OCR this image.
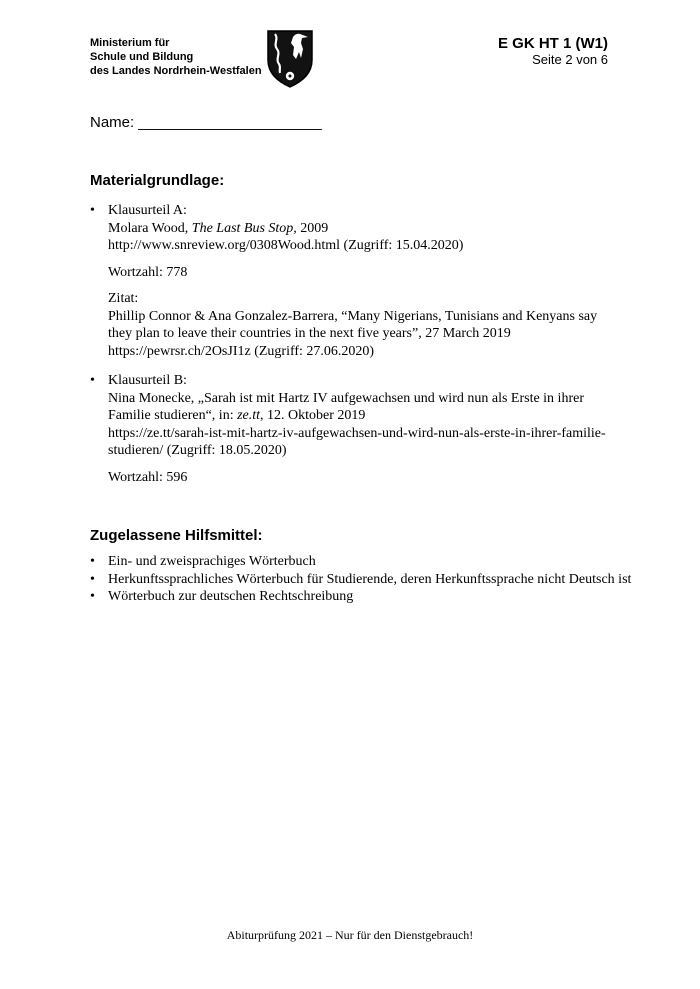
Ministerium für
Schule und Bildung
des Landes Nordrhein-Westfalen
E GK HT 1 (W1)
Seite 2 von 6
Name: ______________________
Materialgrundlage:
•
Klausurteil A:
Molara Wood, The Last Bus Stop, 2009
http://www.snreview.org/0308Wood.html (Zugriff: 15.04.2020)
Wortzahl: 778
Zitat:
Phillip Connor & Ana Gonzalez-Barrera, “Many Nigerians, Tunisians and Kenyans say they plan to leave their countries in the next five years”, 27 March 2019
https://pewrsr.ch/2OsJI1z (Zugriff: 27.06.2020)
•
Klausurteil B:
Nina Monecke, „Sarah ist mit Hartz IV aufgewachsen und wird nun als Erste in ihrer Familie studieren“, in: ze.tt, 12. Oktober 2019
https://ze.tt/sarah-ist-mit-hartz-iv-aufgewachsen-und-wird-nun-als-erste-in-ihrer-familie-studieren/ (Zugriff: 18.05.2020)
Wortzahl: 596
Zugelassene Hilfsmittel:
•
Ein- und zweisprachiges Wörterbuch
•
Herkunftssprachliches Wörterbuch für Studierende, deren Herkunftssprache nicht Deutsch ist
•
Wörterbuch zur deutschen Rechtschreibung
Abiturprüfung 2021 – Nur für den Dienstgebrauch!
